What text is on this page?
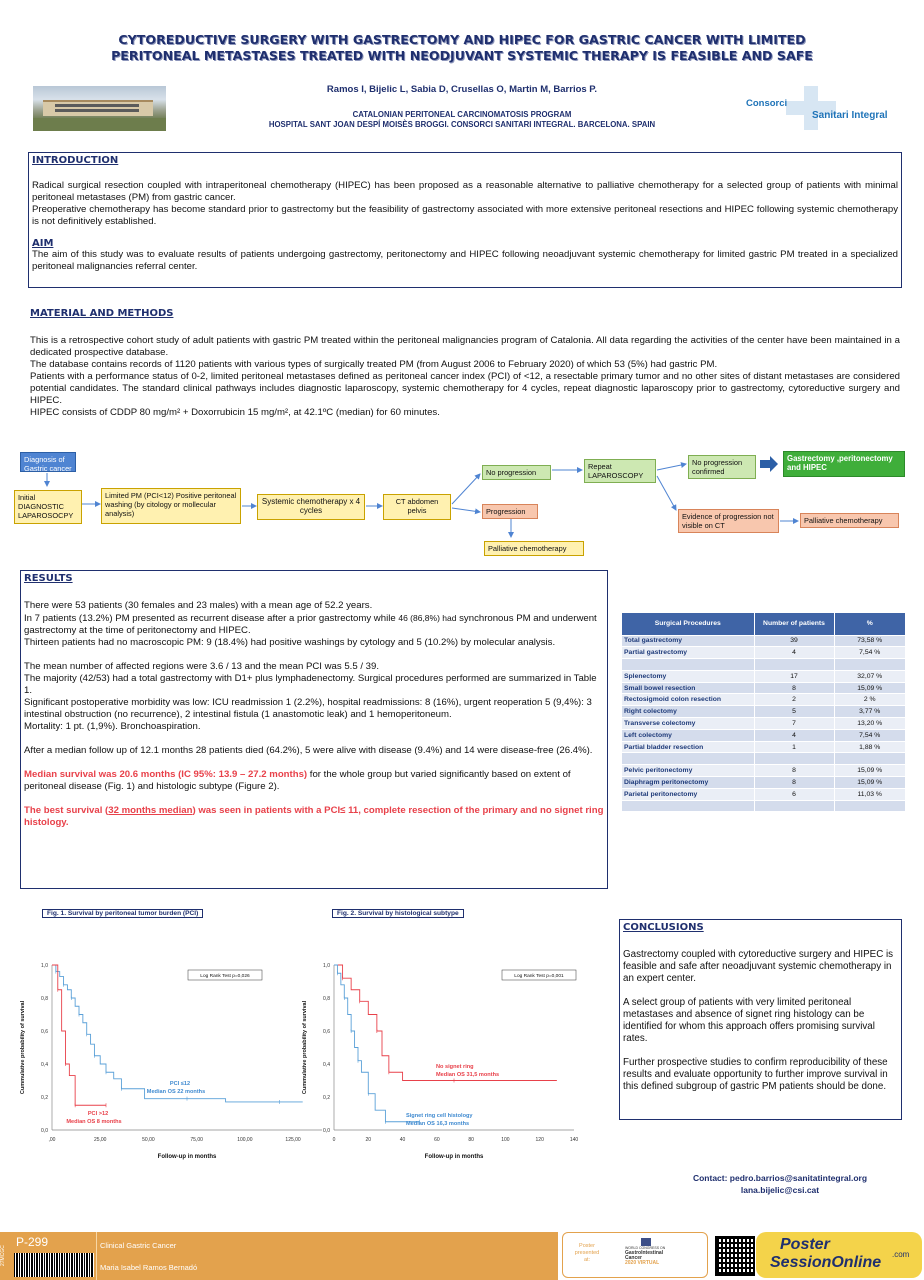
CYTOREDUCTIVE SURGERY WITH GASTRECTOMY AND HIPEC FOR GASTRIC CANCER WITH LIMITED
PERITONEAL METASTASES TREATED WITH NEODJUVANT SYSTEMIC THERAPY IS FEASIBLE AND SAFE
Ramos I, Bijelic L, Sabia D, Crusellas O, Martin M, Barrios P.
CATALONIAN PERITONEAL CARCINOMATOSIS PROGRAM
HOSPITAL SANT JOAN DESPÍ MOISÈS BROGGI. CONSORCI SANITARI INTEGRAL. BARCELONA. SPAIN
Consorci
Sanitari Integral
INTRODUCTION

Radical surgical resection coupled with intraperitoneal chemotherapy (HIPEC) has been proposed as a reasonable alternative to palliative chemotherapy for a selected group of patients with minimal peritoneal metastases (PM) from gastric cancer.

Preoperative chemotherapy has become standard prior to gastrectomy but the feasibility of gastrectomy associated with more extensive peritoneal resections and HIPEC following systemic chemotherapy is not definitively established.

AIM
The aim of this study was to evaluate results of patients undergoing gastrectomy, peritonectomy and HIPEC following neoadjuvant systemic chemotherapy for limited gastric PM treated in a specialized peritoneal malignancies referral center.
MATERIAL AND METHODS

This is a retrospective cohort study of adult patients with gastric PM treated within the peritoneal malignancies program of Catalonia. All data regarding the activities of the center have been maintained in a dedicated prospective database.

The database contains records of 1120 patients with various types of surgically treated PM (from August 2006 to February 2020) of which 53 (5%) had gastric PM.

Patients with a performance status of 0-2, limited peritoneal metastases defined as peritoneal cancer index (PCI) of <12, a resectable primary tumor and no other sites of distant metastases are considered potential candidates. The standard clinical pathways includes diagnostic laparoscopy, systemic chemotherapy for 4 cycles, repeat diagnostic laparoscopy prior to gastrectomy, cytoreductive surgery and HIPEC.

HIPEC consists of CDDP 80 mg/m² + Doxorrubicin 15 mg/m², at 42.1ºC (median) for 60 minutes.

Diagnosis of Gastric cancer
Initial DIAGNOSTIC LAPAROSOCPY
Limited PM (PCI<12) Positive peritoneal washing (by citology or mollecular analysis)
Systemic chemotherapy x 4 cycles
CT abdomen pelvis
No progression
Progression
Palliative chemotherapy
Repeat LAPAROSCOPY
No progression confirmed
Gastrectomy ,peritonectomy and HIPEC
Evidence of progression not visible on CT
Palliative chemotherapy
RESULTS

There were 53 patients (30 females and 23 males) with a mean age of 52.2 years.

In 7 patients (13.2%) PM presented as recurrent disease after a prior gastrectomy while 46 (86,8%) had synchronous PM and underwent gastrectomy at the time of peritonectomy and HIPEC.

Thirteen patients had no macroscopic PM: 9 (18.4%) had positive washings by cytology and 5 (10.2%) by molecular analysis.

The mean number of affected regions were 3.6 / 13 and the mean PCI was 5.5 / 39.

The majority (42/53) had a total gastrectomy with D1+ plus lymphadenectomy. Surgical procedures performed are summarized in Table 1.

Significant postoperative morbidity was low: ICU readmission 1 (2.2%), hospital readmissions: 8 (16%), urgent reoperation 5 (9,4%): 3 intestinal obstruction (no recurrence), 2 intestinal fistula (1 anastomotic leak) and 1 hemoperitoneum.

Mortality: 1 pt. (1,9%). Bronchoaspiration.

After a median follow up of 12.1 months 28 patients died (64.2%), 5 were alive with disease (9.4%) and 14 were disease-free (26.4%).

Median survival was 20.6 months (IC 95%: 13.9 – 27.2 months) for the whole group but varied significantly based on extent of peritoneal disease (Fig. 1) and histologic subtype (Figure 2).

The best survival (32 months median) was seen in patients with a PCI≤ 11, complete resection of the primary and no signet ring histology.

Surgical Procedures	Number of patients	%
Total gastrectomy	39	73,58 %
Partial gastrectomy	4	7,54 %

Splenectomy	17	32,07 %
Small bowel resection	8	15,09 %
Rectosigmoid colon resection	2	2 %
Right colectomy	5	3,77 %
Transverse colectomy	7	13,20 %
Left colectomy	4	7,54 %
Partial bladder resection	1	1,88 %

Pelvic peritonectomy	8	15,09 %
Diaphragm peritonectomy	8	15,09 %
Parietal peritonectomy	6	11,03 %

Fig. 1. Survival by peritoneal tumor burden (PCI)
1,0
0,8
0,6
0,4
0,2
0,0
,00	25,00	50,00	75,00	100,00	125,00
Follow-up in months
Cummulative probability of survival
Log Rank Test p=0,026
PCI ≤12
Median OS 22 months
PCI >12
Median OS 8 months
Fig. 2. Survival by histological subtype
1,0
0,8
0,6
0,4
0,2
0,0
0	20	40	60	80	100	120	140
Follow-up in months
Cummulative probability of survival
Log Rank Test p=0,001
No signet ring
Median OS 31,5 months
Signet ring cell histology
Median OS 16,3 months
CONCLUSIONS

Gastrectomy coupled with cytoreductive surgery and HIPEC is feasible and safe after neoadjuvant systemic chemotherapy in an expert center.

A select group of patients with very limited peritoneal metastases and absence of signet ring histology can be identified for whom this approach offers promising survival rates.

Further prospective studies to confirm reproducibility of these results and evaluate opportunity to further improve survival in this defined subgroup of gastric PM patients should be done.

Contact: pedro.barrios@sanitatintegral.org
lana.bijelic@csi.cat
27MCGC
P-299	Clinical Gastric Cancer
Maria Isabel Ramos Bernadó
Poster
presented at:
WORLD CONGRESS ON
GastroIntestinal
Cancer
2020 VIRTUAL
Poster
SessionOnline .com
